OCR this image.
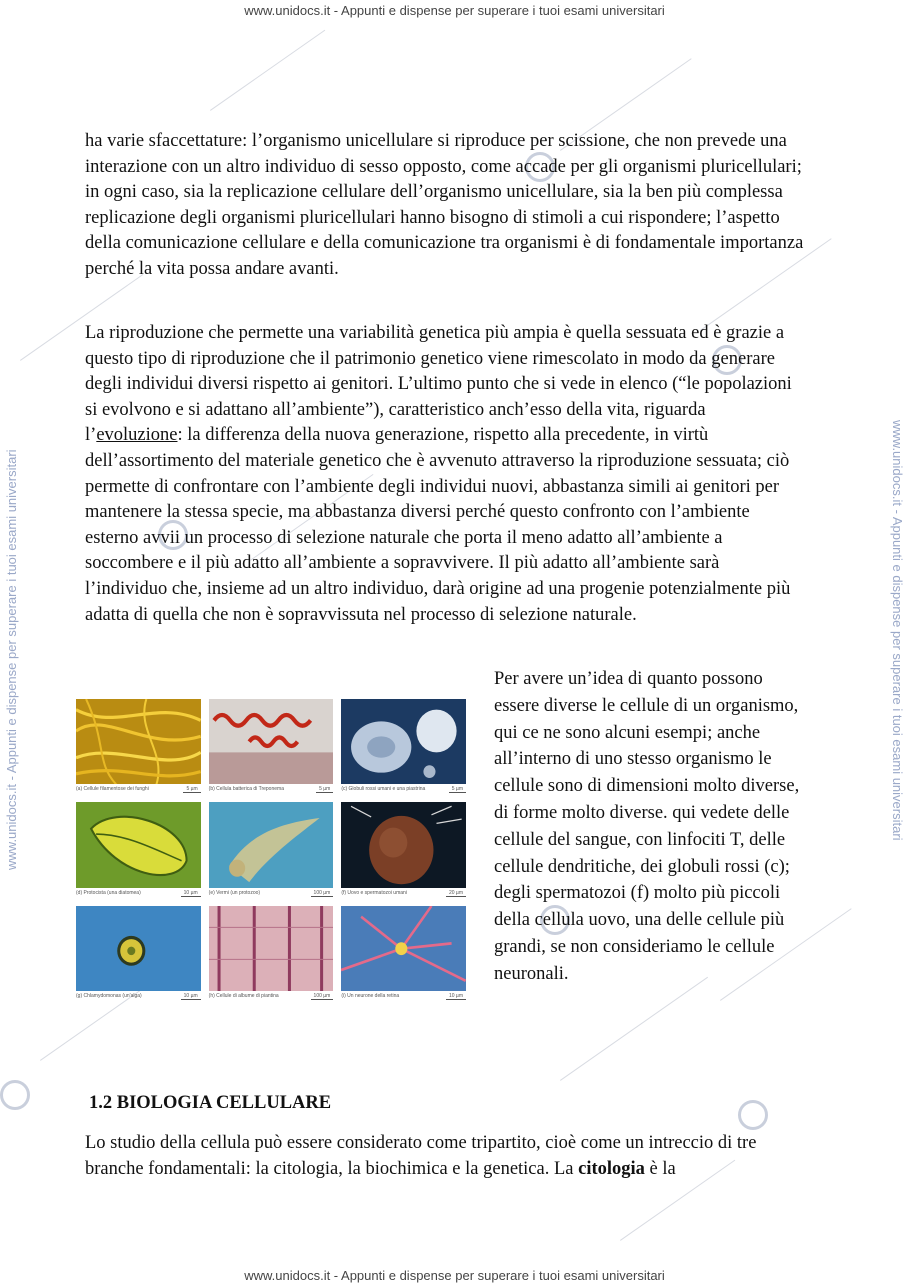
www.unidocs.it - Appunti e dispense per superare i tuoi esami universitari
www.unidocs.it - Appunti e dispense per superare i tuoi esami universitari
www.unidocs.it - Appunti e dispense per superare i tuoi esami universitari	www.unidocs.it - Appunti e dispense per superare i tuoi esami universitari

ha varie sfaccettature: l’organismo unicellulare si riproduce per scissione, che non prevede una interazione con un altro individuo di sesso opposto, come accade per gli organismi pluricellulari; in ogni caso, sia la replicazione cellulare dell’organismo unicellulare, sia la ben più complessa replicazione degli organismi pluricellulari hanno bisogno di stimoli a cui rispondere; l’aspetto della comunicazione cellulare e della comunicazione tra organismi è di fondamentale importanza perché la vita possa andare avanti.

La riproduzione che permette una variabilità genetica più ampia è quella sessuata ed è grazie a questo tipo di riproduzione che il patrimonio genetico viene rimescolato in modo da generare degli individui diversi rispetto ai genitori. L’ultimo punto che si vede in elenco (“le popolazioni si evolvono e si adattano all’ambiente”), caratteristico anch’esso della vita, riguarda l’evoluzione: la differenza della nuova generazione, rispetto alla precedente, in virtù dell’assortimento del materiale genetico che è avvenuto attraverso la riproduzione sessuata; ciò permette di confrontare con l’ambiente degli individui nuovi, abbastanza simili ai genitori per mantenere la stessa specie, ma abbastanza diversi perché questo confronto con l’ambiente esterno avvii un processo di selezione naturale che porta il meno adatto all’ambiente a soccombere e il più adatto all’ambiente a sopravvivere. Il più adatto all’ambiente sarà l’individuo che, insieme ad un altro individuo, darà origine ad una progenie potenzialmente più adatta di quella che non è sopravvissuta nel processo di selezione naturale.

(a) Cellule filamentose dei funghi	5 µm	(b) Cellula batterica di Treponema	5 µm	(c) Globuli rossi umani e una piastrina	5 µm
(d) Protocista (una diatomea)	10 µm	(e) Vermi (un protozoo)	100 µm	(f) Uovo e spermatozoi umani	20 µm
(g) Chlamydomonas (un'alga)	10 µm	(h) Cellule di albume di piantina	100 µm	(i) Un neurone della retina	10 µm

Per avere un’idea di quanto possono essere diverse le cellule di un organismo, qui ce ne sono alcuni esempi; anche all’interno di uno stesso organismo le cellule sono di dimensioni molto diverse, di forme molto diverse. qui vedete delle cellule del sangue, con linfociti T, delle cellule dendritiche, dei globuli rossi (c); degli spermatozoi (f) molto più piccoli della cellula uovo, una delle cellule più grandi, se non consideriamo le cellule neuronali.

1.2 BIOLOGIA CELLULARE

Lo studio della cellula può essere considerato come tripartito, cioè come un intreccio di tre branche fondamentali: la citologia, la biochimica e la genetica. La citologia è la
